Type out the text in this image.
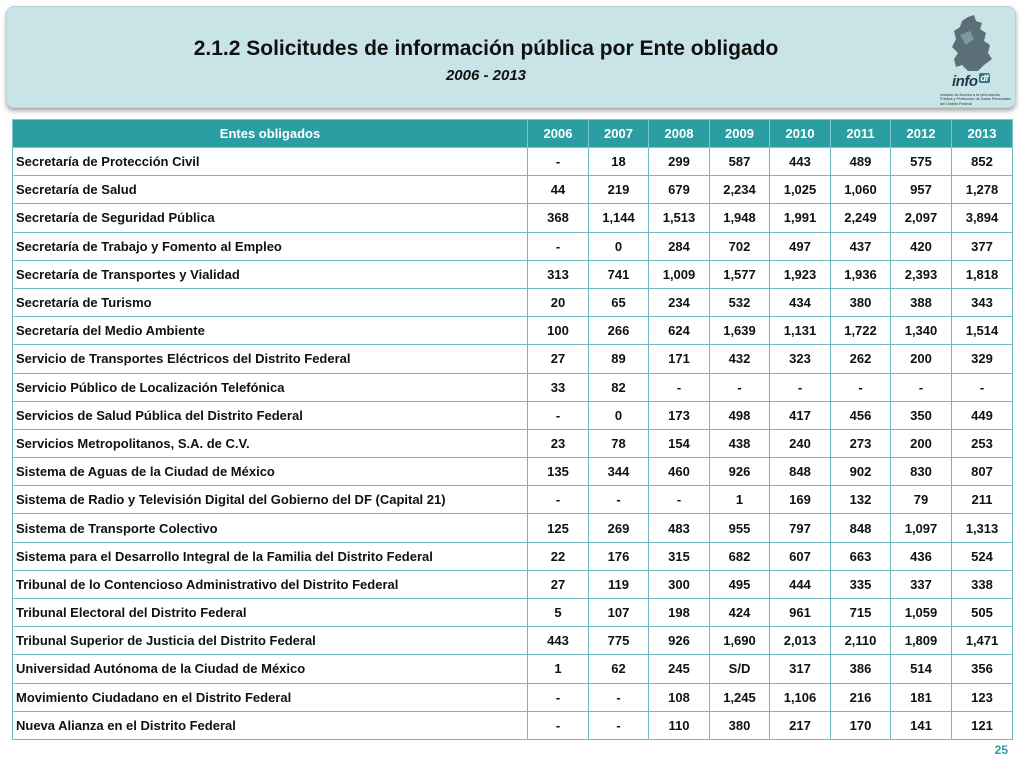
2.1.2 Solicitudes de información pública por Ente obligado
2006 - 2013	info $^{df}$
Instituto de Acceso a la Información Pública y Protección de Datos Personales del Distrito Federal
Entes obligados	2006	2007	2008	2009	2010	2011	2012	2013
Secretaría de Protección Civil	-	18	299	587	443	489	575	852
Secretaría de Salud	44	219	679	2,234	1,025	1,060	957	1,278
Secretaría de Seguridad Pública	368	1,144	1,513	1,948	1,991	2,249	2,097	3,894
Secretaría de Trabajo y Fomento al Empleo	-	0	284	702	497	437	420	377
Secretaría de Transportes y Vialidad	313	741	1,009	1,577	1,923	1,936	2,393	1,818
Secretaría de Turismo	20	65	234	532	434	380	388	343
Secretaría del Medio Ambiente	100	266	624	1,639	1,131	1,722	1,340	1,514
Servicio de Transportes Eléctricos del Distrito Federal	27	89	171	432	323	262	200	329
Servicio Público de Localización Telefónica	33	82	-	-	-	-	-	-
Servicios de Salud Pública del Distrito Federal	-	0	173	498	417	456	350	449
Servicios Metropolitanos, S.A. de C.V.	23	78	154	438	240	273	200	253
Sistema de Aguas de la Ciudad de México	135	344	460	926	848	902	830	807
Sistema de Radio y Televisión Digital del Gobierno del DF (Capital 21)	-	-	-	1	169	132	79	211
Sistema de Transporte Colectivo	125	269	483	955	797	848	1,097	1,313
Sistema para el Desarrollo Integral de la Familia del Distrito Federal	22	176	315	682	607	663	436	524
Tribunal de lo Contencioso Administrativo del Distrito Federal	27	119	300	495	444	335	337	338
Tribunal Electoral del Distrito Federal	5	107	198	424	961	715	1,059	505
Tribunal Superior de Justicia del Distrito Federal	443	775	926	1,690	2,013	2,110	1,809	1,471
Universidad Autónoma de la Ciudad de México	1	62	245	S/D	317	386	514	356
Movimiento Ciudadano en el Distrito Federal	-	-	108	1,245	1,106	216	181	123
Nueva Alianza en el Distrito Federal	-	-	110	380	217	170	141	121
25
